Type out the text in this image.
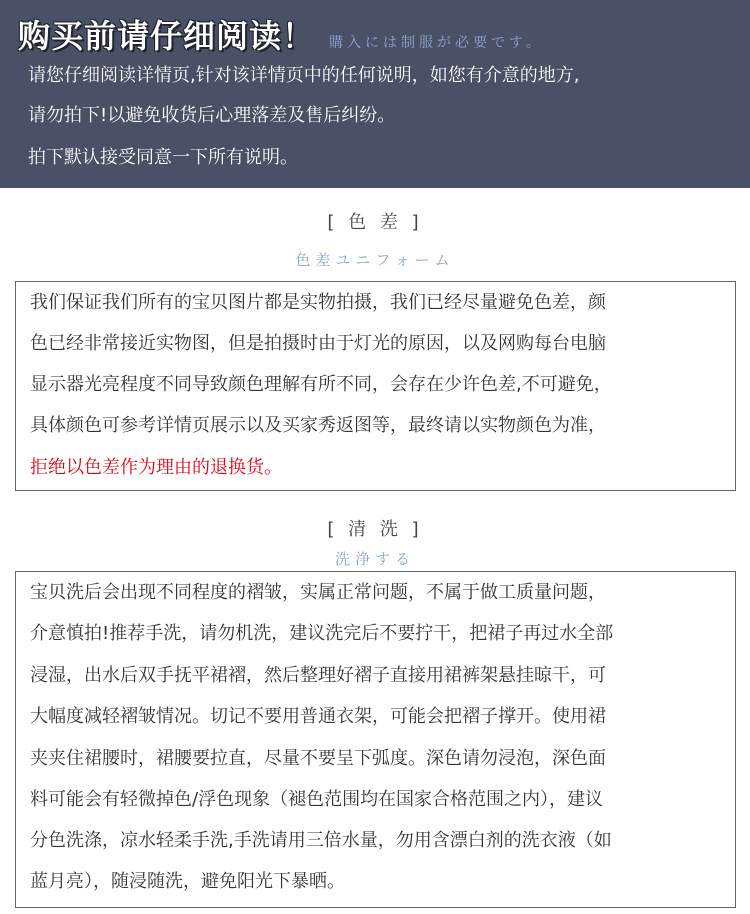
购买前请仔细阅读！ 購入には制服が必要です。
请您仔细阅读详情页,针对该详情页中的任何说明，如您有介意的地方,
请勿拍下!以避免收货后心理落差及售后纠纷。
拍下默认接受同意一下所有说明。
[ 色 差 ]
色差ユニフォーム
我们保证我们所有的宝贝图片都是实物拍摄，我们已经尽量避免色差，颜
色已经非常接近实物图，但是拍摄时由于灯光的原因，以及网购每台电脑
显示器光亮程度不同导致颜色理解有所不同，会存在少许色差,不可避免，
具体颜色可参考详情页展示以及买家秀返图等，最终请以实物颜色为准，
拒绝以色差作为理由的退换货。
[ 清 洗 ]
洗浄する
宝贝洗后会出现不同程度的褶皱，实属正常问题，不属于做工质量问题，
介意慎拍!推荐手洗，请勿机洗，建议洗完后不要拧干，把裙子再过水全部
浸湿，出水后双手抚平裙褶，然后整理好褶子直接用裙裤架悬挂晾干，可
大幅度减轻褶皱情况。切记不要用普通衣架，可能会把褶子撑开。使用裙
夹夹住裙腰时，裙腰要拉直，尽量不要呈下弧度。深色请勿浸泡，深色面
料可能会有轻微掉色/浮色现象（褪色范围均在国家合格范围之内），建议
分色洗涤，凉水轻柔手洗,手洗请用三倍水量，勿用含漂白剂的洗衣液（如
蓝月亮），随浸随洗，避免阳光下暴晒。
